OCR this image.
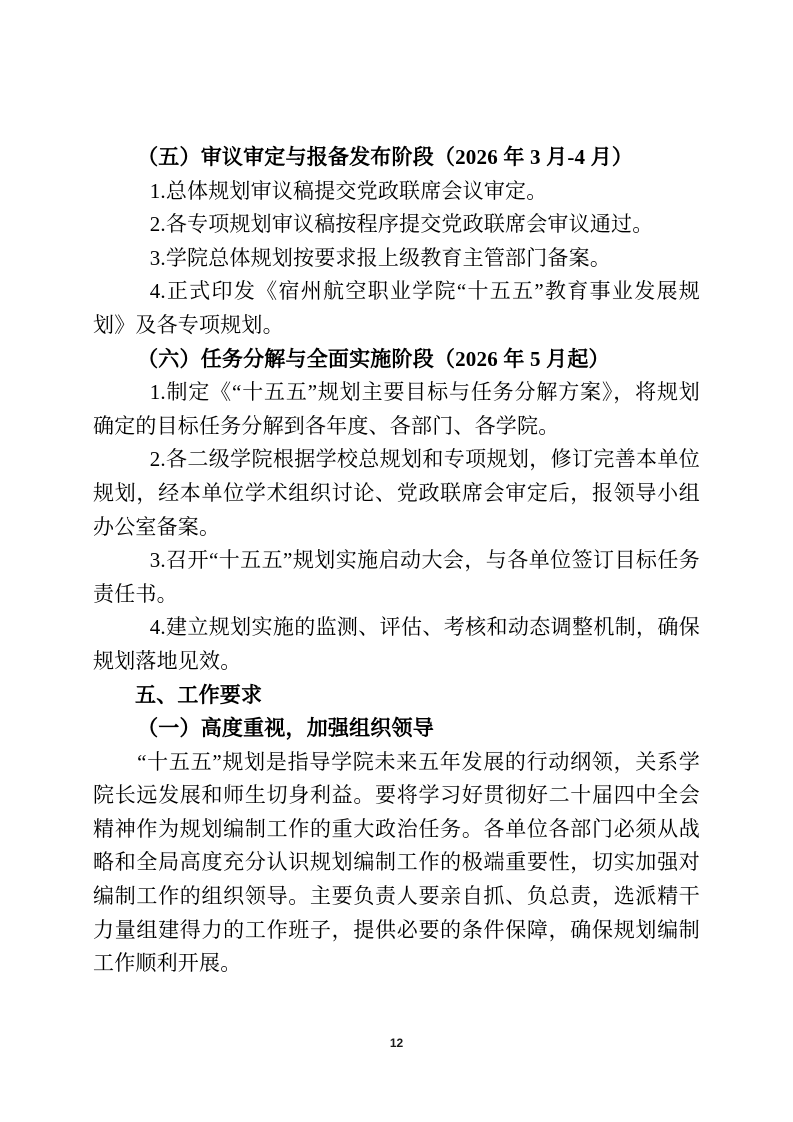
（五）审议审定与报备发布阶段（2026 年 3 月-4 月）

1.总体规划审议稿提交党政联席会议审定。

2.各专项规划审议稿按程序提交党政联席会审议通过。

3.学院总体规划按要求报上级教育主管部门备案。

4.正式印发《宿州航空职业学院“十五五”教育事业发展规划》及各专项规划。

（六）任务分解与全面实施阶段（2026 年 5 月起）

1.制定《“十五五”规划主要目标与任务分解方案》，将规划确定的目标任务分解到各年度、各部门、各学院。

2.各二级学院根据学校总规划和专项规划，修订完善本单位规划，经本单位学术组织讨论、党政联席会审定后，报领导小组办公室备案。

3.召开“十五五”规划实施启动大会，与各单位签订目标任务责任书。

4.建立规划实施的监测、评估、考核和动态调整机制，确保规划落地见效。

五、工作要求

（一）高度重视，加强组织领导

“十五五”规划是指导学院未来五年发展的行动纲领，关系学院长远发展和师生切身利益。要将学习好贯彻好二十届四中全会精神作为规划编制工作的重大政治任务。各单位各部门必须从战略和全局高度充分认识规划编制工作的极端重要性，切实加强对编制工作的组织领导。主要负责人要亲自抓、负总责，选派精干力量组建得力的工作班子，提供必要的条件保障，确保规划编制工作顺利开展。

12
